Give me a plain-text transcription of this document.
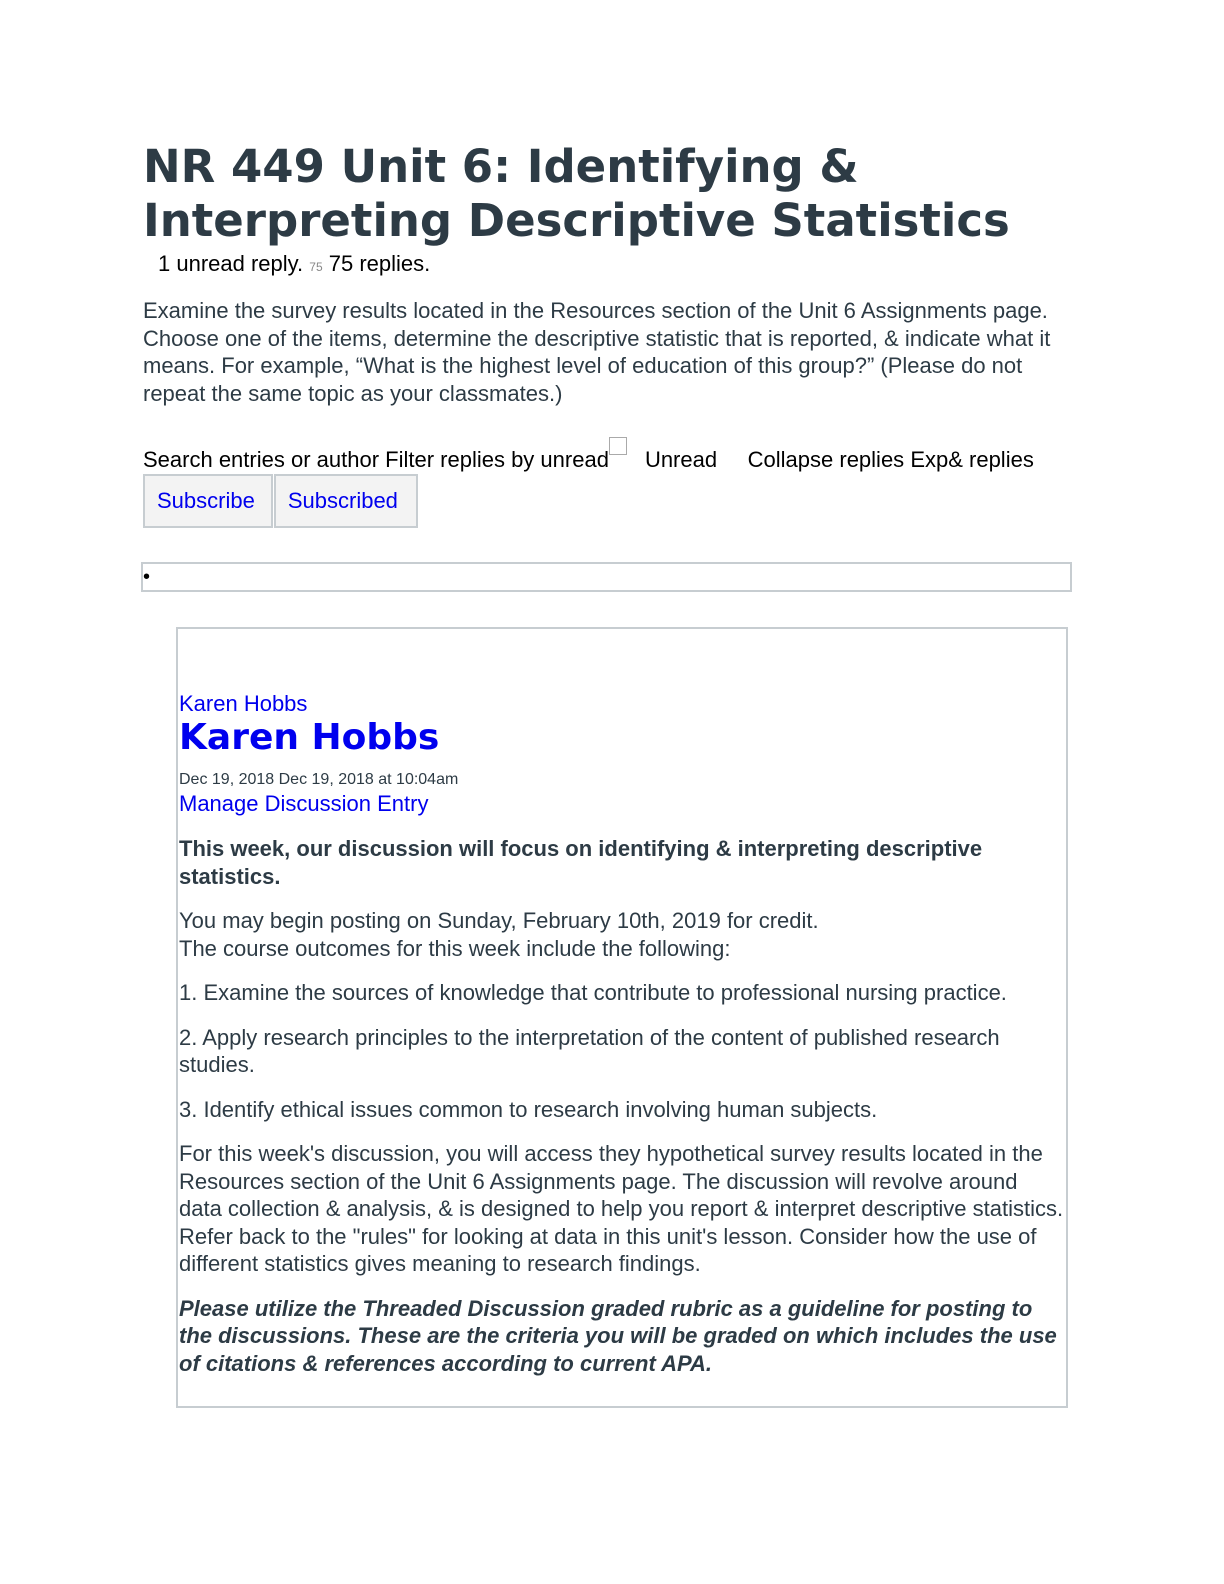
NR 449 Unit 6: Identifying & Interpreting Descriptive Statistics
1 unread reply. 75 75 replies.

Examine the survey results located in the Resources section of the Unit 6 Assignments page. Choose one of the items, determine the descriptive statistic that is reported, & indicate what it means. For example, “What is the highest level of education of this group?” (Please do not repeat the same topic as your classmates.)

Search entries or author Filter replies by unread Unread Collapse replies Exp& replies
Subscribe	Subscribed
•
Karen Hobbs
Karen Hobbs
Dec 19, 2018 Dec 19, 2018 at 10:04am
Manage Discussion Entry

This week, our discussion will focus on identifying & interpreting descriptive statistics.

You may begin posting on Sunday, February 10th, 2019 for credit.

The course outcomes for this week include the following:

1. Examine the sources of knowledge that contribute to professional nursing practice.

2. Apply research principles to the interpretation of the content of published research studies.

3. Identify ethical issues common to research involving human subjects.

For this week's discussion, you will access they hypothetical survey results located in the Resources section of the Unit 6 Assignments page. The discussion will revolve around data collection & analysis, & is designed to help you report & interpret descriptive statistics. Refer back to the "rules" for looking at data in this unit's lesson. Consider how the use of different statistics gives meaning to research findings.

Please utilize the Threaded Discussion graded rubric as a guideline for posting to the discussions. These are the criteria you will be graded on which includes the use of citations & references according to current APA.
